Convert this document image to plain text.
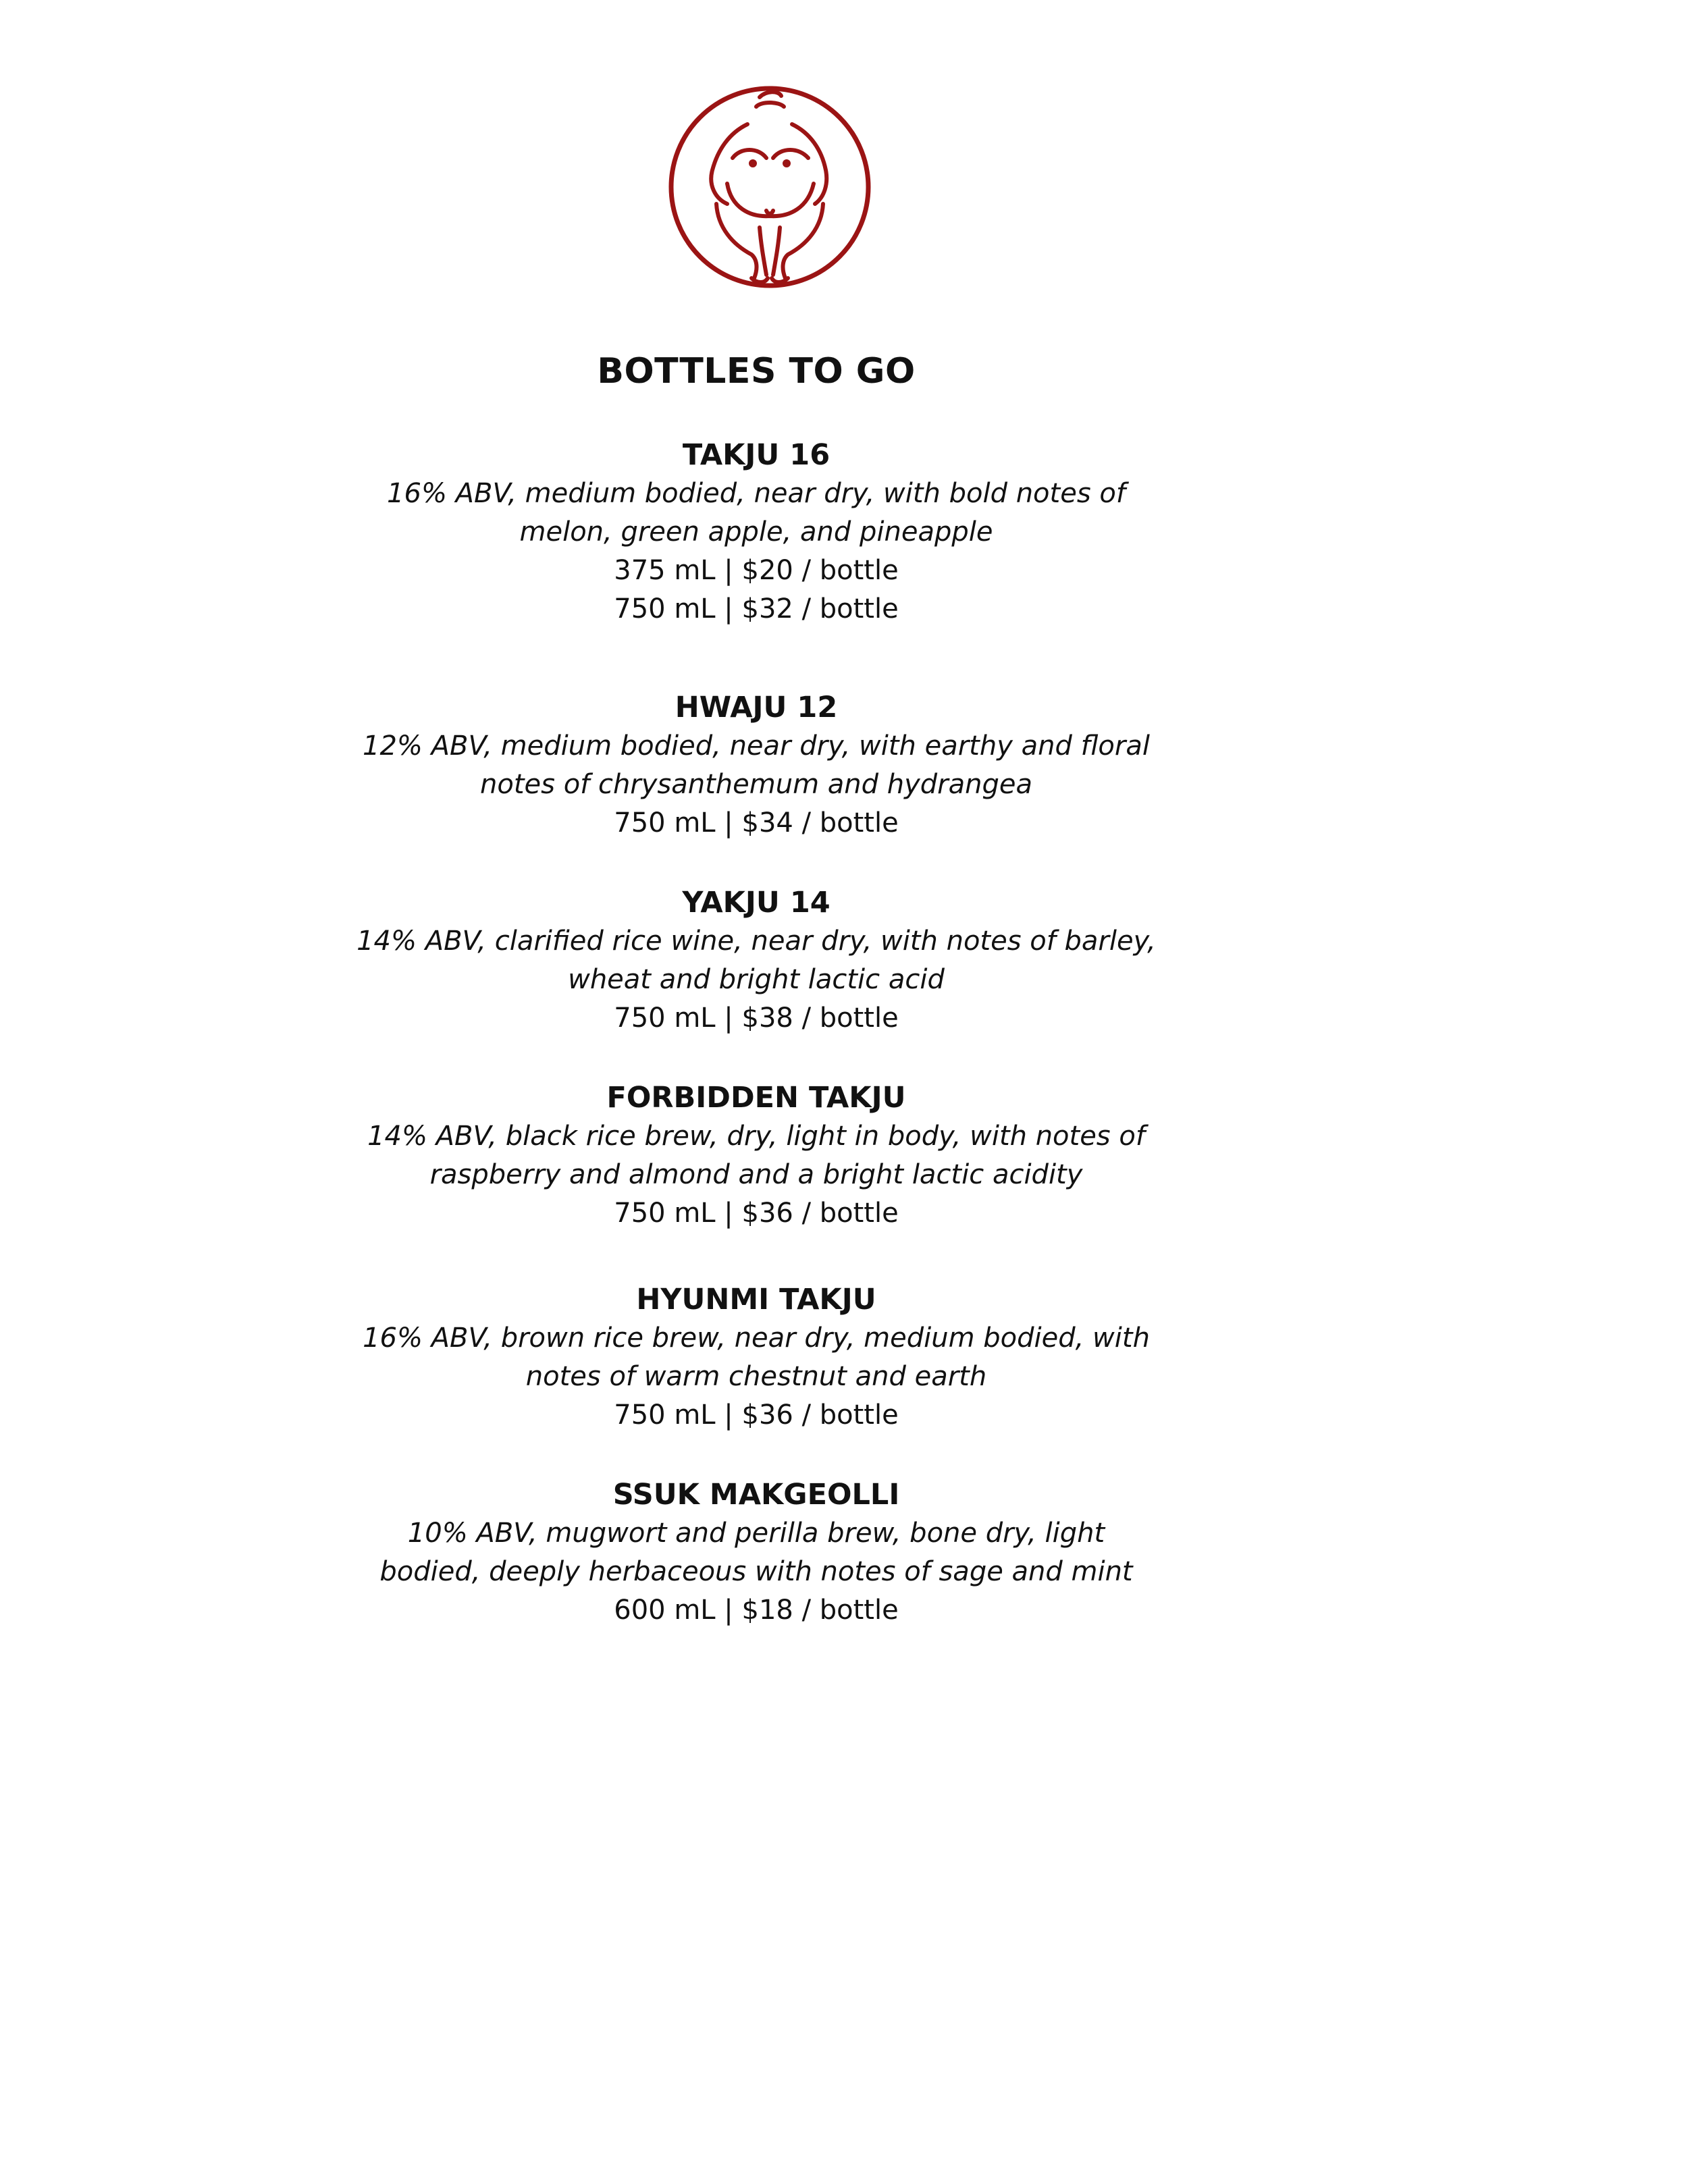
BOTTLES TO GO
TAKJU 16
16% ABV, medium bodied, near dry, with bold notes of
melon, green apple, and pineapple
375 mL | $20 / bottle
750 mL | $32 / bottle
HWAJU 12
12% ABV, medium bodied, near dry, with earthy and floral
notes of chrysanthemum and hydrangea
750 mL | $34 / bottle
YAKJU 14
14% ABV, clarified rice wine, near dry, with notes of barley,
wheat and bright lactic acid
750 mL | $38 / bottle
FORBIDDEN TAKJU
14% ABV, black rice brew, dry, light in body, with notes of
raspberry and almond and a bright lactic acidity
750 mL | $36 / bottle
HYUNMI TAKJU
16% ABV, brown rice brew, near dry, medium bodied, with
notes of warm chestnut and earth
750 mL | $36 / bottle
SSUK MAKGEOLLI
10% ABV, mugwort and perilla brew, bone dry, light
bodied, deeply herbaceous with notes of sage and mint
600 mL | $18 / bottle
